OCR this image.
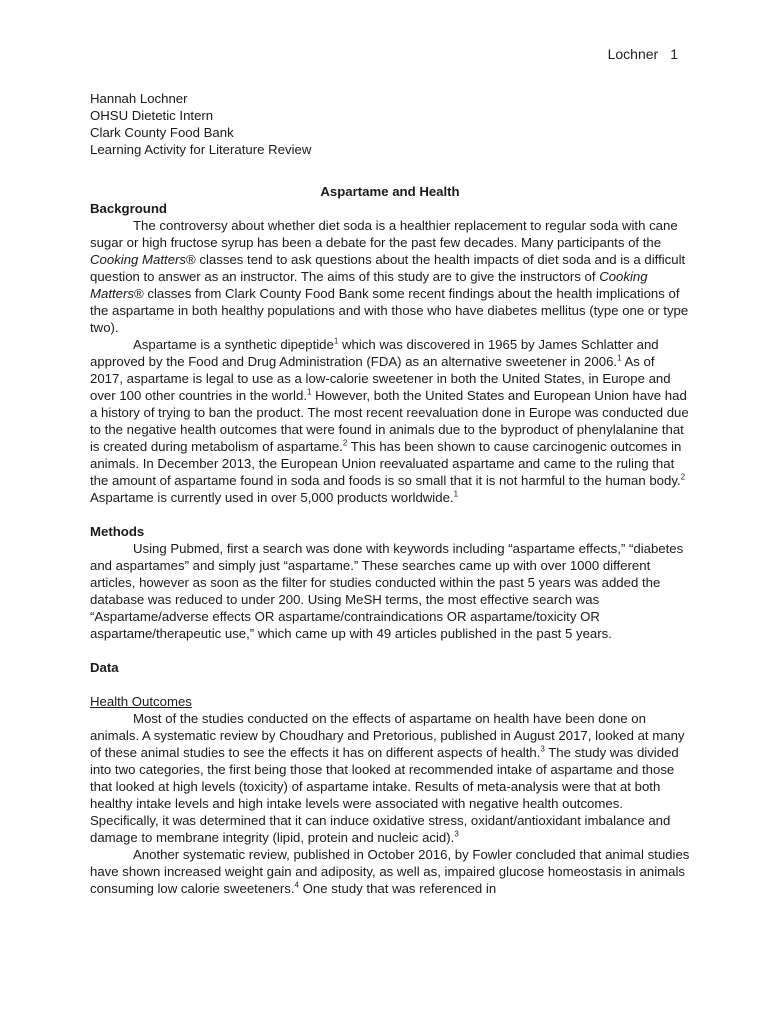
Lochner 1

Hannah Lochner

OHSU Dietetic Intern

Clark County Food Bank

Learning Activity for Literature Review

Aspartame and Health

Background

The controversy about whether diet soda is a healthier replacement to regular soda with cane sugar or high fructose syrup has been a debate for the past few decades. Many participants of the Cooking Matters® classes tend to ask questions about the health impacts of diet soda and is a difficult question to answer as an instructor. The aims of this study are to give the instructors of Cooking Matters® classes from Clark County Food Bank some recent findings about the health implications of the aspartame in both healthy populations and with those who have diabetes mellitus (type one or type two).

Aspartame is a synthetic dipeptide$^1$ which was discovered in 1965 by James Schlatter and approved by the Food and Drug Administration (FDA) as an alternative sweetener in 2006.$^1$ As of 2017, aspartame is legal to use as a low-calorie sweetener in both the United States, in Europe and over 100 other countries in the world.$^1$ However, both the United States and European Union have had a history of trying to ban the product. The most recent reevaluation done in Europe was conducted due to the negative health outcomes that were found in animals due to the byproduct of phenylalanine that is created during metabolism of aspartame.$^2$ This has been shown to cause carcinogenic outcomes in animals. In December 2013, the European Union reevaluated aspartame and came to the ruling that the amount of aspartame found in soda and foods is so small that it is not harmful to the human body.$^2$ Aspartame is currently used in over 5,000 products worldwide.$^1$

Methods

Using Pubmed, first a search was done with keywords including “aspartame effects,” “diabetes and aspartames” and simply just “aspartame.” These searches came up with over 1000 different articles, however as soon as the filter for studies conducted within the past 5 years was added the database was reduced to under 200. Using MeSH terms, the most effective search was “Aspartame/adverse effects OR aspartame/contraindications OR aspartame/toxicity OR aspartame/therapeutic use,” which came up with 49 articles published in the past 5 years.

Data

Health Outcomes

Most of the studies conducted on the effects of aspartame on health have been done on animals. A systematic review by Choudhary and Pretorious, published in August 2017, looked at many of these animal studies to see the effects it has on different aspects of health.$^3$ The study was divided into two categories, the first being those that looked at recommended intake of aspartame and those that looked at high levels (toxicity) of aspartame intake. Results of meta-analysis were that at both healthy intake levels and high intake levels were associated with negative health outcomes. Specifically, it was determined that it can induce oxidative stress, oxidant/antioxidant imbalance and damage to membrane integrity (lipid, protein and nucleic acid).$^3$

Another systematic review, published in October 2016, by Fowler concluded that animal studies have shown increased weight gain and adiposity, as well as, impaired glucose homeostasis in animals consuming low calorie sweeteners.$^4$ One study that was referenced in
